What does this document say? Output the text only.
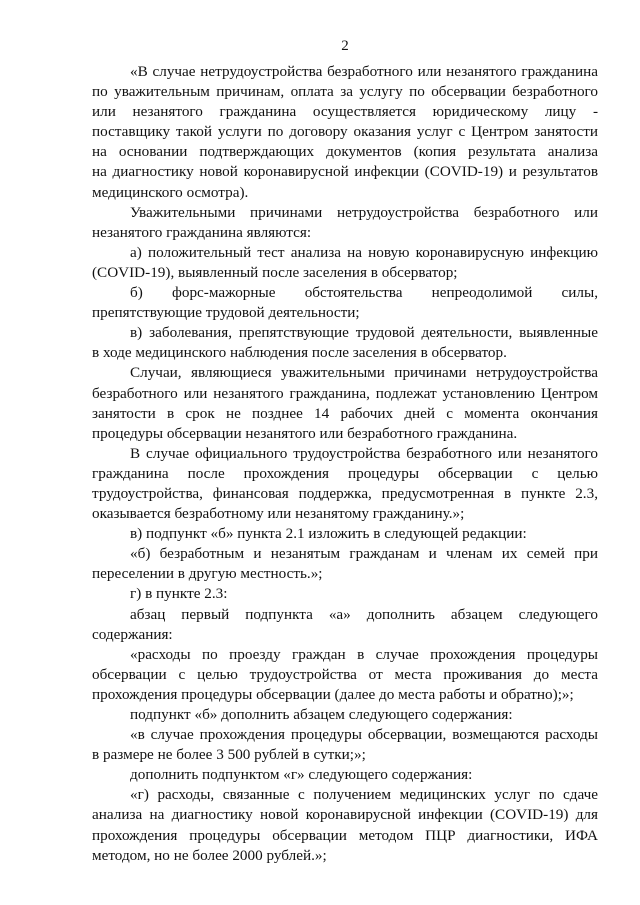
2

«В случае нетрудоустройства безработного или незанятого гражданина
по уважительным причинам, оплата за услугу по обсервации безработного
или незанятого гражданина осуществляется юридическому лицу -
поставщику такой услуги по договору оказания услуг с Центром занятости
на основании подтверждающих документов (копия результата анализа
на диагностику новой коронавирусной инфекции (COVID-19) и результатов
медицинского осмотра).

Уважительными причинами нетрудоустройства безработного или
незанятого гражданина являются:

а) положительный тест анализа на новую коронавирусную инфекцию
(COVID-19), выявленный после заселения в обсерватор;

б) форс-мажорные обстоятельства непреодолимой силы,
препятствующие трудовой деятельности;

в) заболевания, препятствующие трудовой деятельности, выявленные
в ходе медицинского наблюдения после заселения в обсерватор.

Случаи, являющиеся уважительными причинами нетрудоустройства
безработного или незанятого гражданина, подлежат установлению Центром
занятости в срок не позднее 14 рабочих дней с момента окончания
процедуры обсервации незанятого или безработного гражданина.

В случае официального трудоустройства безработного или незанятого
гражданина после прохождения процедуры обсервации с целью
трудоустройства, финансовая поддержка, предусмотренная в пункте 2.3,
оказывается безработному или незанятому гражданину.»;

в) подпункт «б» пункта 2.1 изложить в следующей редакции:

«б) безработным и незанятым гражданам и членам их семей при
переселении в другую местность.»;

г) в пункте 2.3:

абзац первый подпункта «а» дополнить абзацем следующего
содержания:

«расходы по проезду граждан в случае прохождения процедуры
обсервации с целью трудоустройства от места проживания до места
прохождения процедуры обсервации (далее до места работы и обратно);»;

подпункт «б» дополнить абзацем следующего содержания:

«в случае прохождения процедуры обсервации, возмещаются расходы
в размере не более 3 500 рублей в сутки;»;

дополнить подпунктом «г» следующего содержания:

«г) расходы, связанные с получением медицинских услуг по сдаче
анализа на диагностику новой коронавирусной инфекции (COVID-19) для
прохождения процедуры обсервации методом ПЦР диагностики, ИФА
методом, но не более 2000 рублей.»;
